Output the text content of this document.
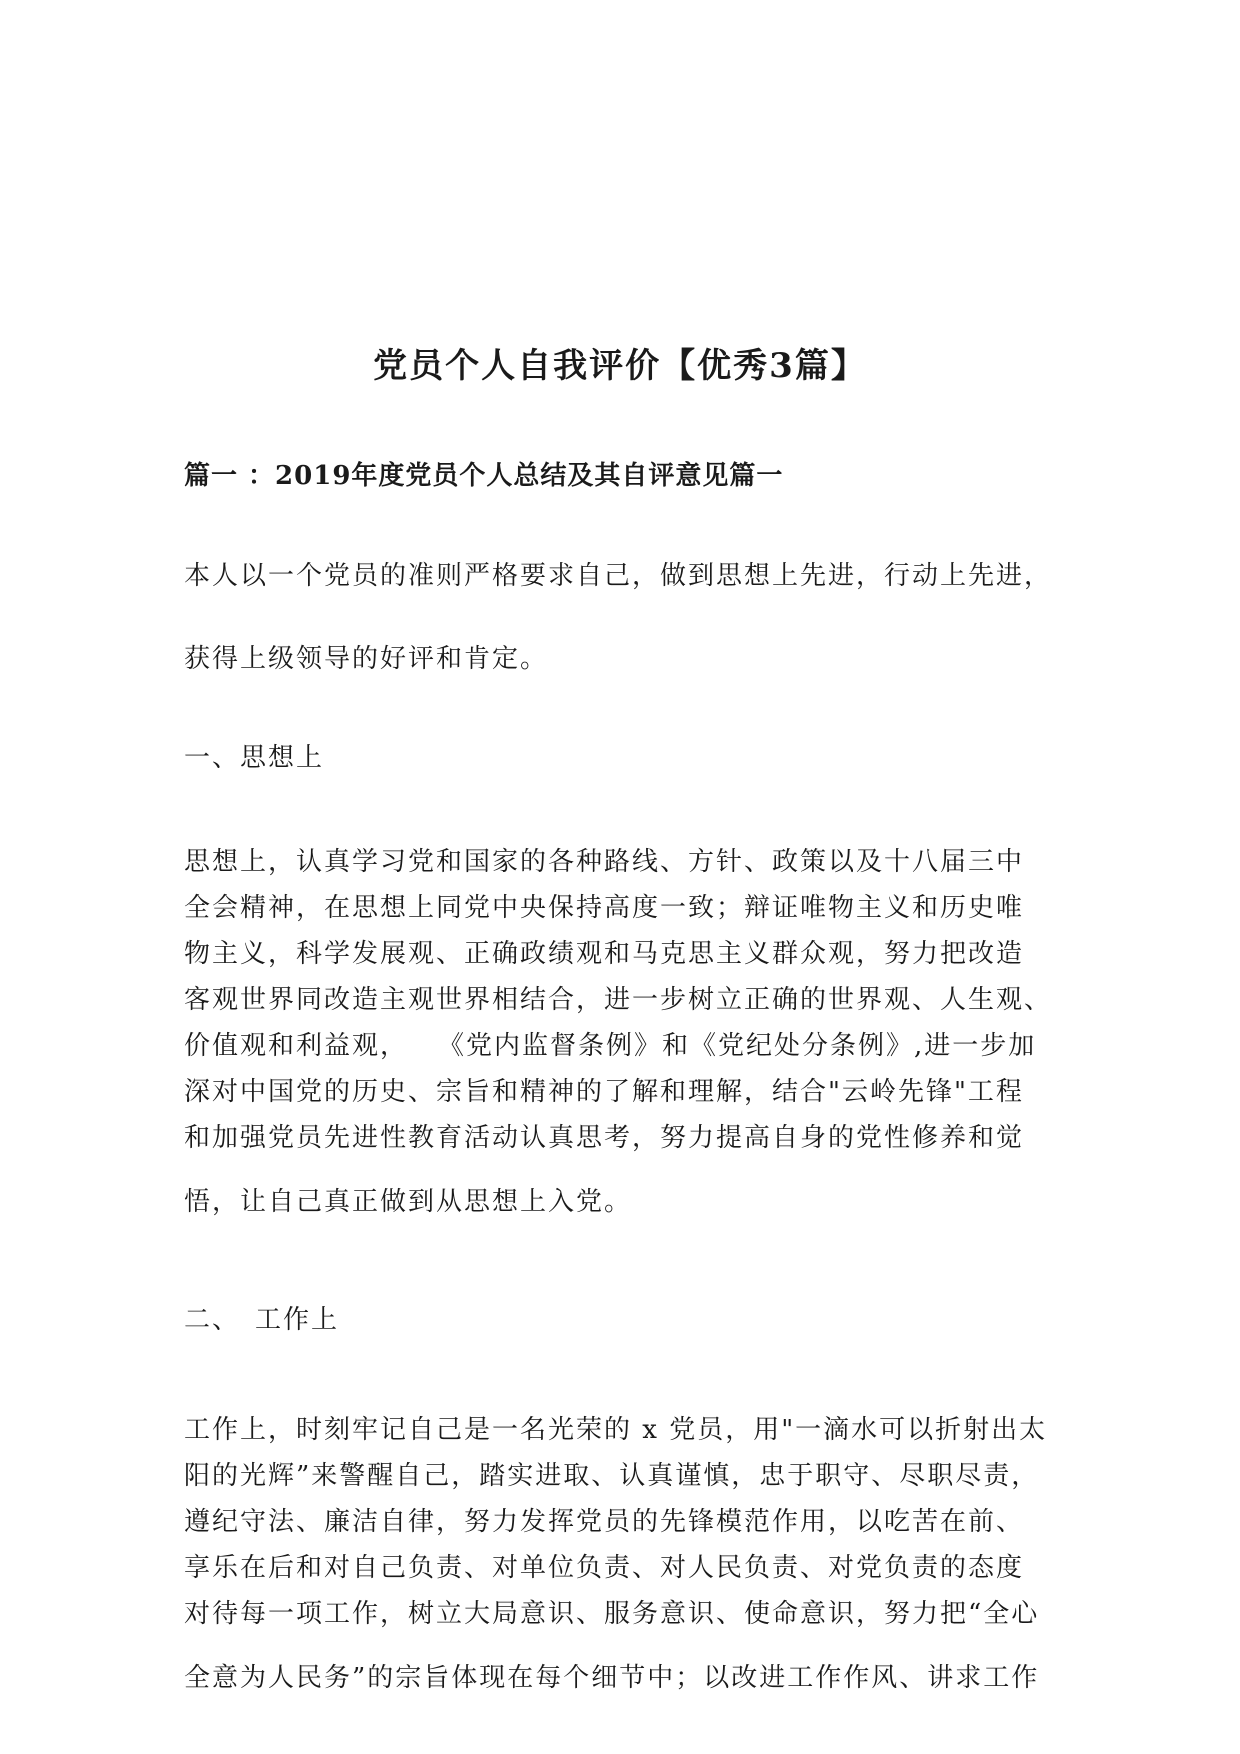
党员个人自我评价【优秀3篇】
篇一 ：2019年度党员个人总结及其自评意见篇一
本人以一个党员的准则严格要求自己，做到思想上先进，行动上先进，
获得上级领导的好评和肯定。
一、思想上
思想上，认真学习党和国家的各种路线、方针、政策以及十八届三中
全会精神，在思想上同党中央保持高度一致；辩证唯物主义和历史唯
物主义，科学发展观、正确政绩观和马克思主义群众观，努力把改造
客观世界同改造主观世界相结合，进一步树立正确的世界观、人生观、
价值观和利益观，　　《党内监督条例》和《党纪处分条例》,进一步加
深对中国党的历史、宗旨和精神的了解和理解，结合"云岭先锋"工程
和加强党员先进性教育活动认真思考，努力提高自身的党性修养和觉
悟，让自己真正做到从思想上入党。
二、　工作上
工作上，时刻牢记自己是一名光荣的 x 党员，用"一滴水可以折射出太
阳的光辉”来警醒自己，踏实进取、认真谨慎，忠于职守、尽职尽责，
遵纪守法、廉洁自律，努力发挥党员的先锋模范作用，以吃苦在前、
享乐在后和对自己负责、对单位负责、对人民负责、对党负责的态度
对待每一项工作，树立大局意识、服务意识、使命意识，努力把“全心
全意为人民务”的宗旨体现在每个细节中；以改进工作作风、讲求工作
